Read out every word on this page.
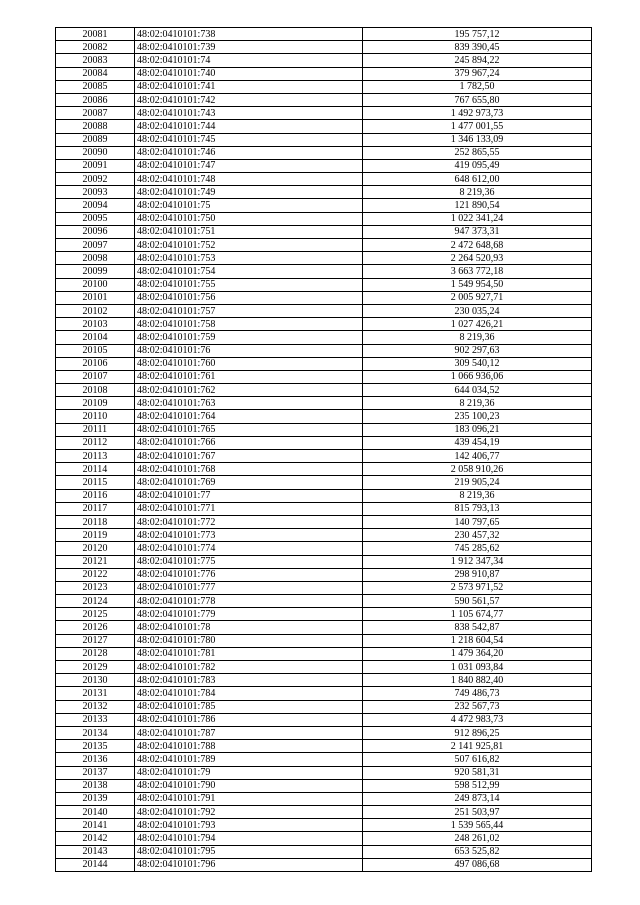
20081	48:02:0410101:738	195 757,12
20082	48:02:0410101:739	839 390,45
20083	48:02:0410101:74	245 894,22
20084	48:02:0410101:740	379 967,24
20085	48:02:0410101:741	1 782,50
20086	48:02:0410101:742	767 655,80
20087	48:02:0410101:743	1 492 973,73
20088	48:02:0410101:744	1 477 001,55
20089	48:02:0410101:745	1 346 133,09
20090	48:02:0410101:746	252 865,55
20091	48:02:0410101:747	419 095,49
20092	48:02:0410101:748	648 612,00
20093	48:02:0410101:749	8 219,36
20094	48:02:0410101:75	121 890,54
20095	48:02:0410101:750	1 022 341,24
20096	48:02:0410101:751	947 373,31
20097	48:02:0410101:752	2 472 648,68
20098	48:02:0410101:753	2 264 520,93
20099	48:02:0410101:754	3 663 772,18
20100	48:02:0410101:755	1 549 954,50
20101	48:02:0410101:756	2 005 927,71
20102	48:02:0410101:757	230 035,24
20103	48:02:0410101:758	1 027 426,21
20104	48:02:0410101:759	8 219,36
20105	48:02:0410101:76	902 297,63
20106	48:02:0410101:760	309 540,12
20107	48:02:0410101:761	1 066 936,06
20108	48:02:0410101:762	644 034,52
20109	48:02:0410101:763	8 219,36
20110	48:02:0410101:764	235 100,23
20111	48:02:0410101:765	183 096,21
20112	48:02:0410101:766	439 454,19
20113	48:02:0410101:767	142 406,77
20114	48:02:0410101:768	2 058 910,26
20115	48:02:0410101:769	219 905,24
20116	48:02:0410101:77	8 219,36
20117	48:02:0410101:771	815 793,13
20118	48:02:0410101:772	140 797,65
20119	48:02:0410101:773	230 457,32
20120	48:02:0410101:774	745 285,62
20121	48:02:0410101:775	1 912 347,34
20122	48:02:0410101:776	298 910,87
20123	48:02:0410101:777	2 573 971,52
20124	48:02:0410101:778	590 561,57
20125	48:02:0410101:779	1 105 674,77
20126	48:02:0410101:78	838 542,87
20127	48:02:0410101:780	1 218 604,54
20128	48:02:0410101:781	1 479 364,20
20129	48:02:0410101:782	1 031 093,84
20130	48:02:0410101:783	1 840 882,40
20131	48:02:0410101:784	749 486,73
20132	48:02:0410101:785	232 567,73
20133	48:02:0410101:786	4 472 983,73
20134	48:02:0410101:787	912 896,25
20135	48:02:0410101:788	2 141 925,81
20136	48:02:0410101:789	507 616,82
20137	48:02:0410101:79	920 581,31
20138	48:02:0410101:790	598 512,99
20139	48:02:0410101:791	249 873,14
20140	48:02:0410101:792	251 503,97
20141	48:02:0410101:793	1 539 565,44
20142	48:02:0410101:794	248 261,02
20143	48:02:0410101:795	653 525,82
20144	48:02:0410101:796	497 086,68
